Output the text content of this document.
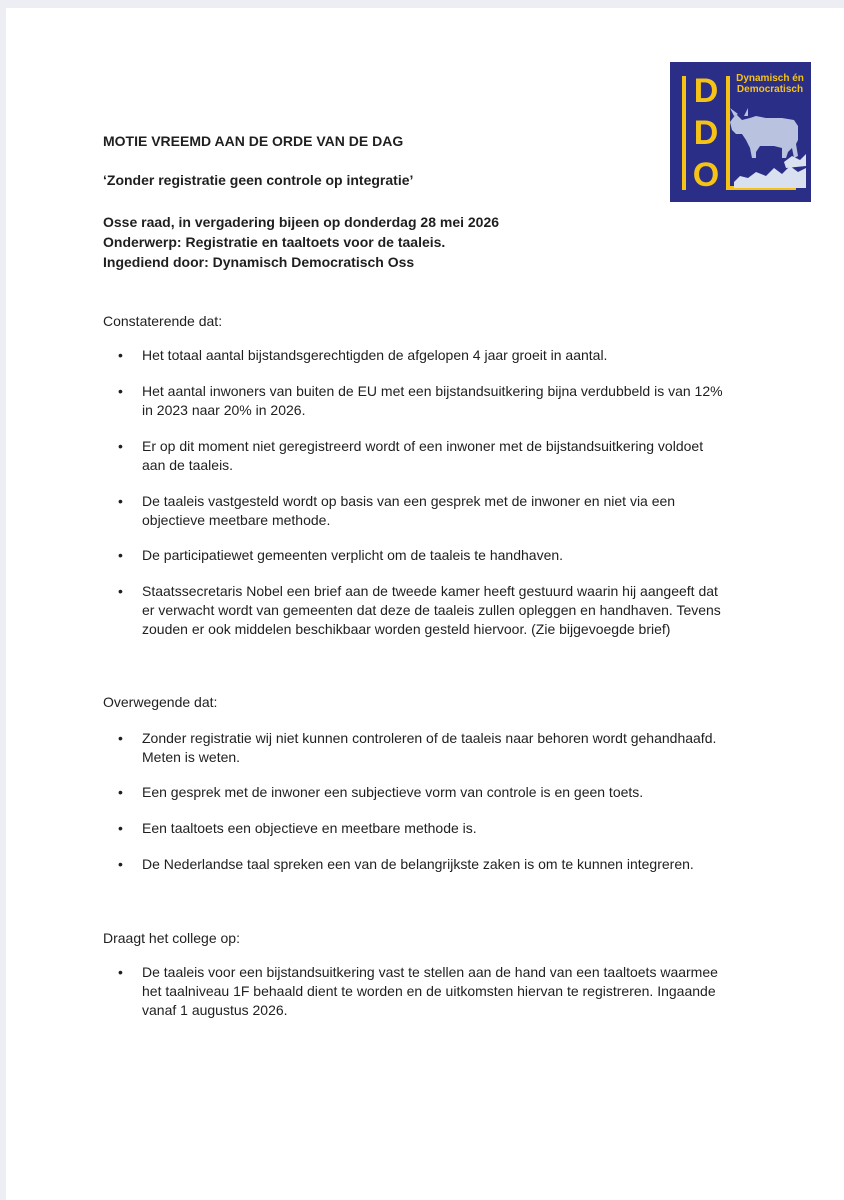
D
D
O
Dynamisch én
Democratisch
MOTIE VREEMD AAN DE ORDE VAN DE DAG
‘Zonder registratie geen controle op integratie’
Osse raad, in vergadering bijeen op donderdag 28 mei 2026
Onderwerp: Registratie en taaltoets voor de taaleis.
Ingediend door: Dynamisch Democratisch Oss
Constaterende dat:
• Het totaal aantal bijstandsgerechtigden de afgelopen 4 jaar groeit in aantal.
• Het aantal inwoners van buiten de EU met een bijstandsuitkering bijna verdubbeld is van 12%
in 2023 naar 20% in 2026.
• Er op dit moment niet geregistreerd wordt of een inwoner met de bijstandsuitkering voldoet
aan de taaleis.
• De taaleis vastgesteld wordt op basis van een gesprek met de inwoner en niet via een
objectieve meetbare methode.
• De participatiewet gemeenten verplicht om de taaleis te handhaven.
• Staatssecretaris Nobel een brief aan de tweede kamer heeft gestuurd waarin hij aangeeft dat
er verwacht wordt van gemeenten dat deze de taaleis zullen opleggen en handhaven. Tevens
zouden er ook middelen beschikbaar worden gesteld hiervoor. (Zie bijgevoegde brief)
Overwegende dat:
• Zonder registratie wij niet kunnen controleren of de taaleis naar behoren wordt gehandhaafd.
Meten is weten.
• Een gesprek met de inwoner een subjectieve vorm van controle is en geen toets.
• Een taaltoets een objectieve en meetbare methode is.
• De Nederlandse taal spreken een van de belangrijkste zaken is om te kunnen integreren.
Draagt het college op:
• De taaleis voor een bijstandsuitkering vast te stellen aan de hand van een taaltoets waarmee
het taalniveau 1F behaald dient te worden en de uitkomsten hiervan te registreren. Ingaande
vanaf 1 augustus 2026.
